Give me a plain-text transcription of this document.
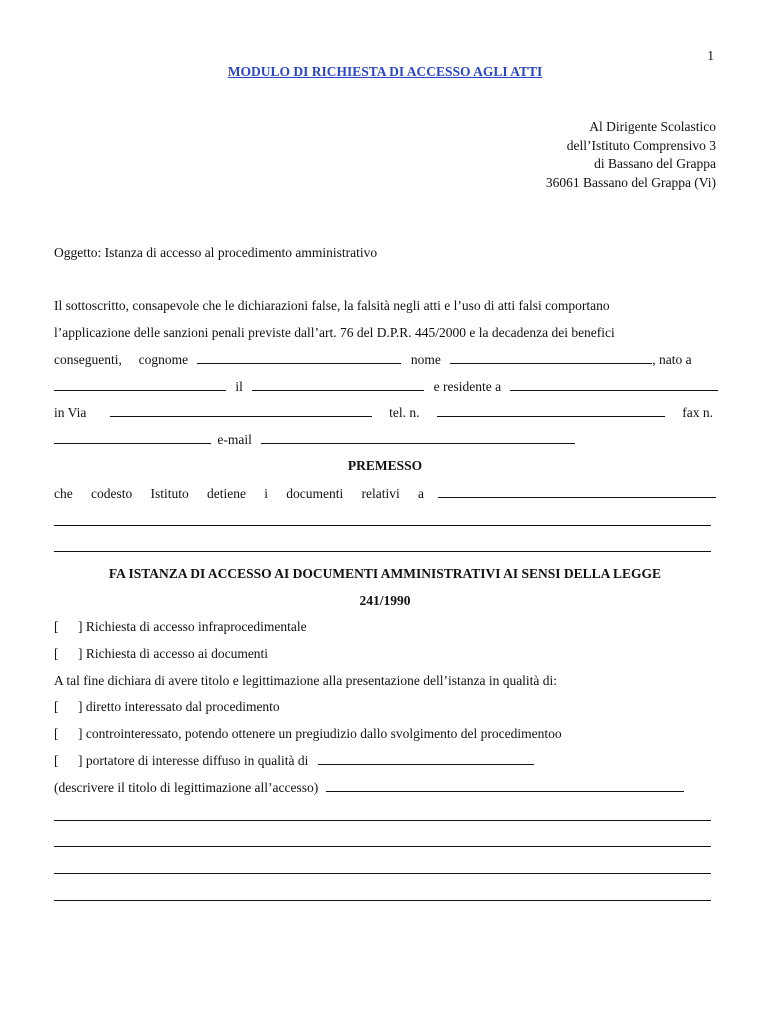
1
MODULO DI RICHIESTA DI ACCESSO AGLI ATTI
Al Dirigente Scolastico
dell’Istituto Comprensivo 3
di Bassano del Grappa
36061 Bassano del Grappa (Vi)
Oggetto: Istanza di accesso al procedimento amministrativo
Il sottoscritto, consapevole che le dichiarazioni false, la falsità negli atti e l’uso di atti falsi comportano
l’applicazione delle sanzioni penali previste dall’art. 76 del D.P.R. 445/2000 e la decadenza dei benefici
conseguenti, cognome	nome	, nato a
il	e residente a
in Via	tel. n.	fax n.
e-mail
PREMESSO
che codesto Istituto detiene i documenti relativi a
FA ISTANZA DI ACCESSO AI DOCUMENTI AMMINISTRATIVI AI SENSI DELLA LEGGE
241/1990
[ ] Richiesta di accesso infraprocedimentale
[ ] Richiesta di accesso ai documenti
A tal fine dichiara di avere titolo e legittimazione alla presentazione dell’istanza in qualità di:
[ ] diretto interessato dal procedimento
[ ] controinteressato, potendo ottenere un pregiudizio dallo svolgimento del procedimentoo
[ ] portatore di interesse diffuso in qualità di
(descrivere il titolo di legittimazione all’accesso)
